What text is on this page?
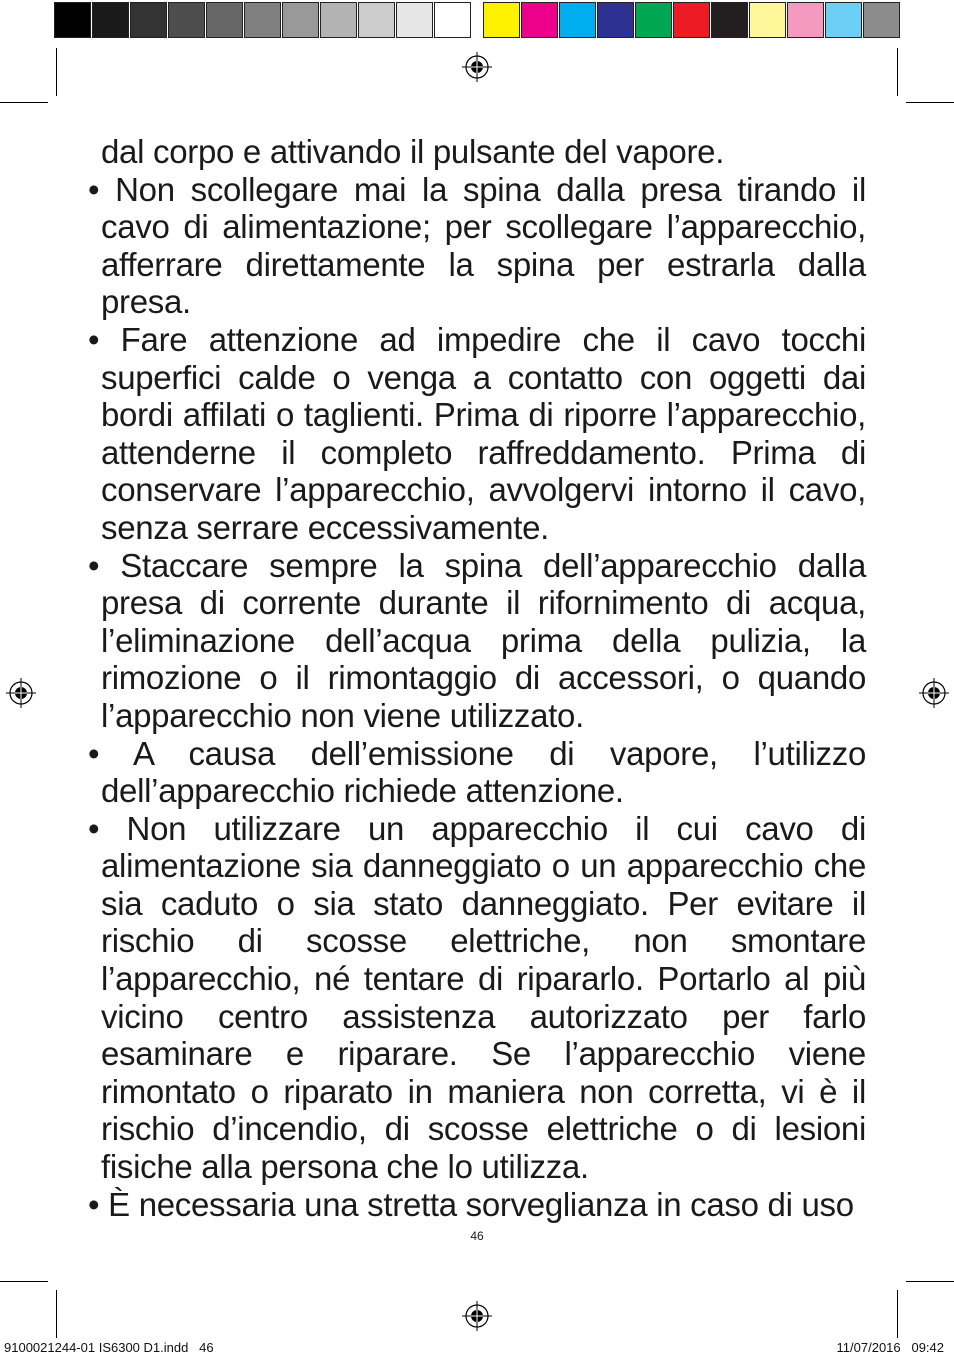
dal corpo e attivando il pulsante del vapore.

• Non scollegare mai la spina dalla presa tirando il cavo di alimentazione; per scollegare l’apparecchio, afferrare direttamente la spina per estrarla dalla presa.

• Fare attenzione ad impedire che il cavo tocchi superfici calde o venga a contatto con oggetti dai bordi affilati o taglienti. Prima di riporre l’apparecchio, attenderne il completo raffreddamento. Prima di conservare l’apparecchio, avvolgervi intorno il cavo, senza serrare eccessivamente.

• Staccare sempre la spina dell’apparecchio dalla presa di corrente durante il rifornimento di acqua, l’eliminazione dell’acqua prima della pulizia, la rimozione o il rimontaggio di accessori, o quando l’apparecchio non viene utilizzato.

• A causa dell’emissione di vapore, l’utilizzo dell’apparecchio richiede attenzione.

• Non utilizzare un apparecchio il cui cavo di alimentazione sia danneggiato o un apparecchio che sia caduto o sia stato danneggiato. Per evitare il rischio di scosse elettriche, non smontare l’apparecchio, né tentare di ripararlo. Portarlo al più vicino centro assistenza autorizzato per farlo esaminare e riparare. Se l’apparecchio viene rimontato o riparato in maniera non corretta, vi è il rischio d’incendio, di scosse elettriche o di lesioni fisiche alla persona che lo utilizza.

• È necessaria una stretta sorveglianza in caso di uso

46
9100021244-01 IS6300 D1.indd   46	11/07/2016   09:42
